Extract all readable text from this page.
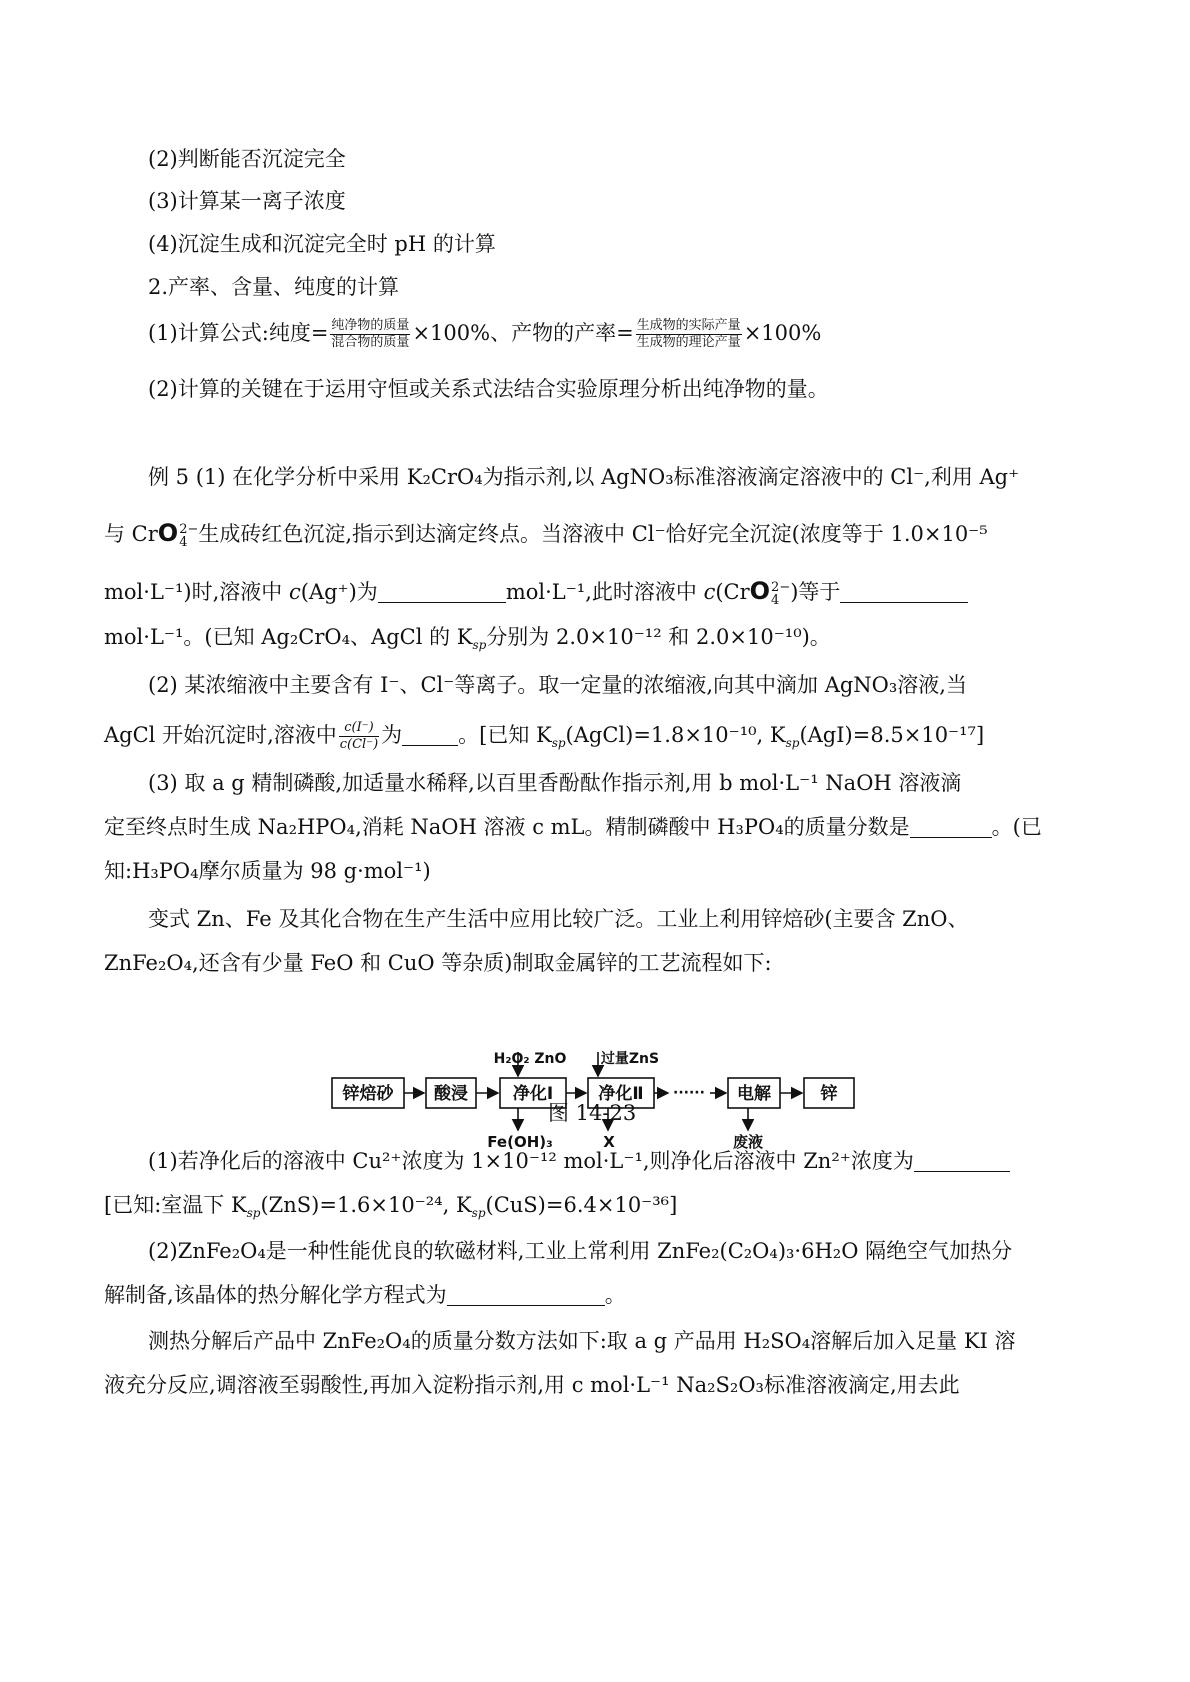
(2)判断能否沉淀完全
(3)计算某一离子浓度
(4)沉淀生成和沉淀完全时 pH 的计算
2.产率、含量、纯度的计算
(1)计算公式:纯度= $\frac{\text{纯净物的质量}}{\text{混合物的质量}} \times 100\%$、产物的产率= $\frac{\text{生成物的实际产量}}{\text{生成物的理论产量}} \times 100\%$
(2)计算的关键在于运用守恒或关系式法结合实验原理分析出纯净物的量。
例 5 (1) 在化学分析中采用 K₂CrO₄为指示剂,以 AgNO₃标准溶液滴定溶液中的 Cl⁻,利用 Ag⁺
与 CrO 2−
4 生成砖红色沉淀,指示到达滴定终点。当溶液中 Cl⁻恰好完全沉淀(浓度等于 1.0×10⁻⁵
mol·L⁻¹)时,溶液中 c(Ag⁺)为	mol·L⁻¹,此时溶液中 c(CrO 2−
4 )等于
mol·L⁻¹。(已知 Ag₂CrO₄、AgCl 的 $K_{sp}$分别为 2.0×10⁻¹² 和 2.0×10⁻¹⁰)。
(2) 某浓缩液中主要含有 I⁻、Cl⁻等离子。取一定量的浓缩液,向其中滴加 AgNO₃溶液,当
AgCl 开始沉淀时,溶液中 $\frac{c(I^-)}{c(Cl^-)}$ 为	。[已知 $K_{sp}(AgCl)=1.8\times 10^{-10}$, $K_{sp}(AgI)=8.5\times 10^{-17}$]
(3) 取 a g 精制磷酸,加适量水稀释,以百里香酚酞作指示剂,用 b mol·L⁻¹ NaOH 溶液滴
定至终点时生成 Na₂HPO₄,消耗 NaOH 溶液 c mL。精制磷酸中 H₃PO₄的质量分数是	。(已
知:H₃PO₄摩尔质量为 98 g·mol⁻¹)
变式 Zn、Fe 及其化合物在生产生活中应用比较广泛。工业上利用锌焙砂(主要含 ZnO、
ZnFe₂O₄,还含有少量 FeO 和 CuO 等杂质)制取金属锌的工艺流程如下:
锌焙砂 酸浸	净化Ⅰ	净化Ⅱ ······ 电解	锌
H₂O₂ ZnO 过量ZnS
Fe(OH)₃	X	废液
图 14-23
(1)若净化后的溶液中 Cu²⁺浓度为 1×10⁻¹² mol·L⁻¹,则净化后溶液中 Zn²⁺浓度为
[已知:室温下 $K_{sp}(ZnS)=1.6\times 10^{-24}$, $K_{sp}(CuS)=6.4\times 10^{-36}$]
(2)ZnFe₂O₄是一种性能优良的软磁材料,工业上常利用 ZnFe₂(C₂O₄)₃·6H₂O 隔绝空气加热分
解制备,该晶体的热分解化学方程式为	。
测热分解后产品中 ZnFe₂O₄的质量分数方法如下:取 a g 产品用 H₂SO₄溶解后加入足量 KI 溶
液充分反应,调溶液至弱酸性,再加入淀粉指示剂,用 c mol·L⁻¹ Na₂S₂O₃标准溶液滴定,用去此
